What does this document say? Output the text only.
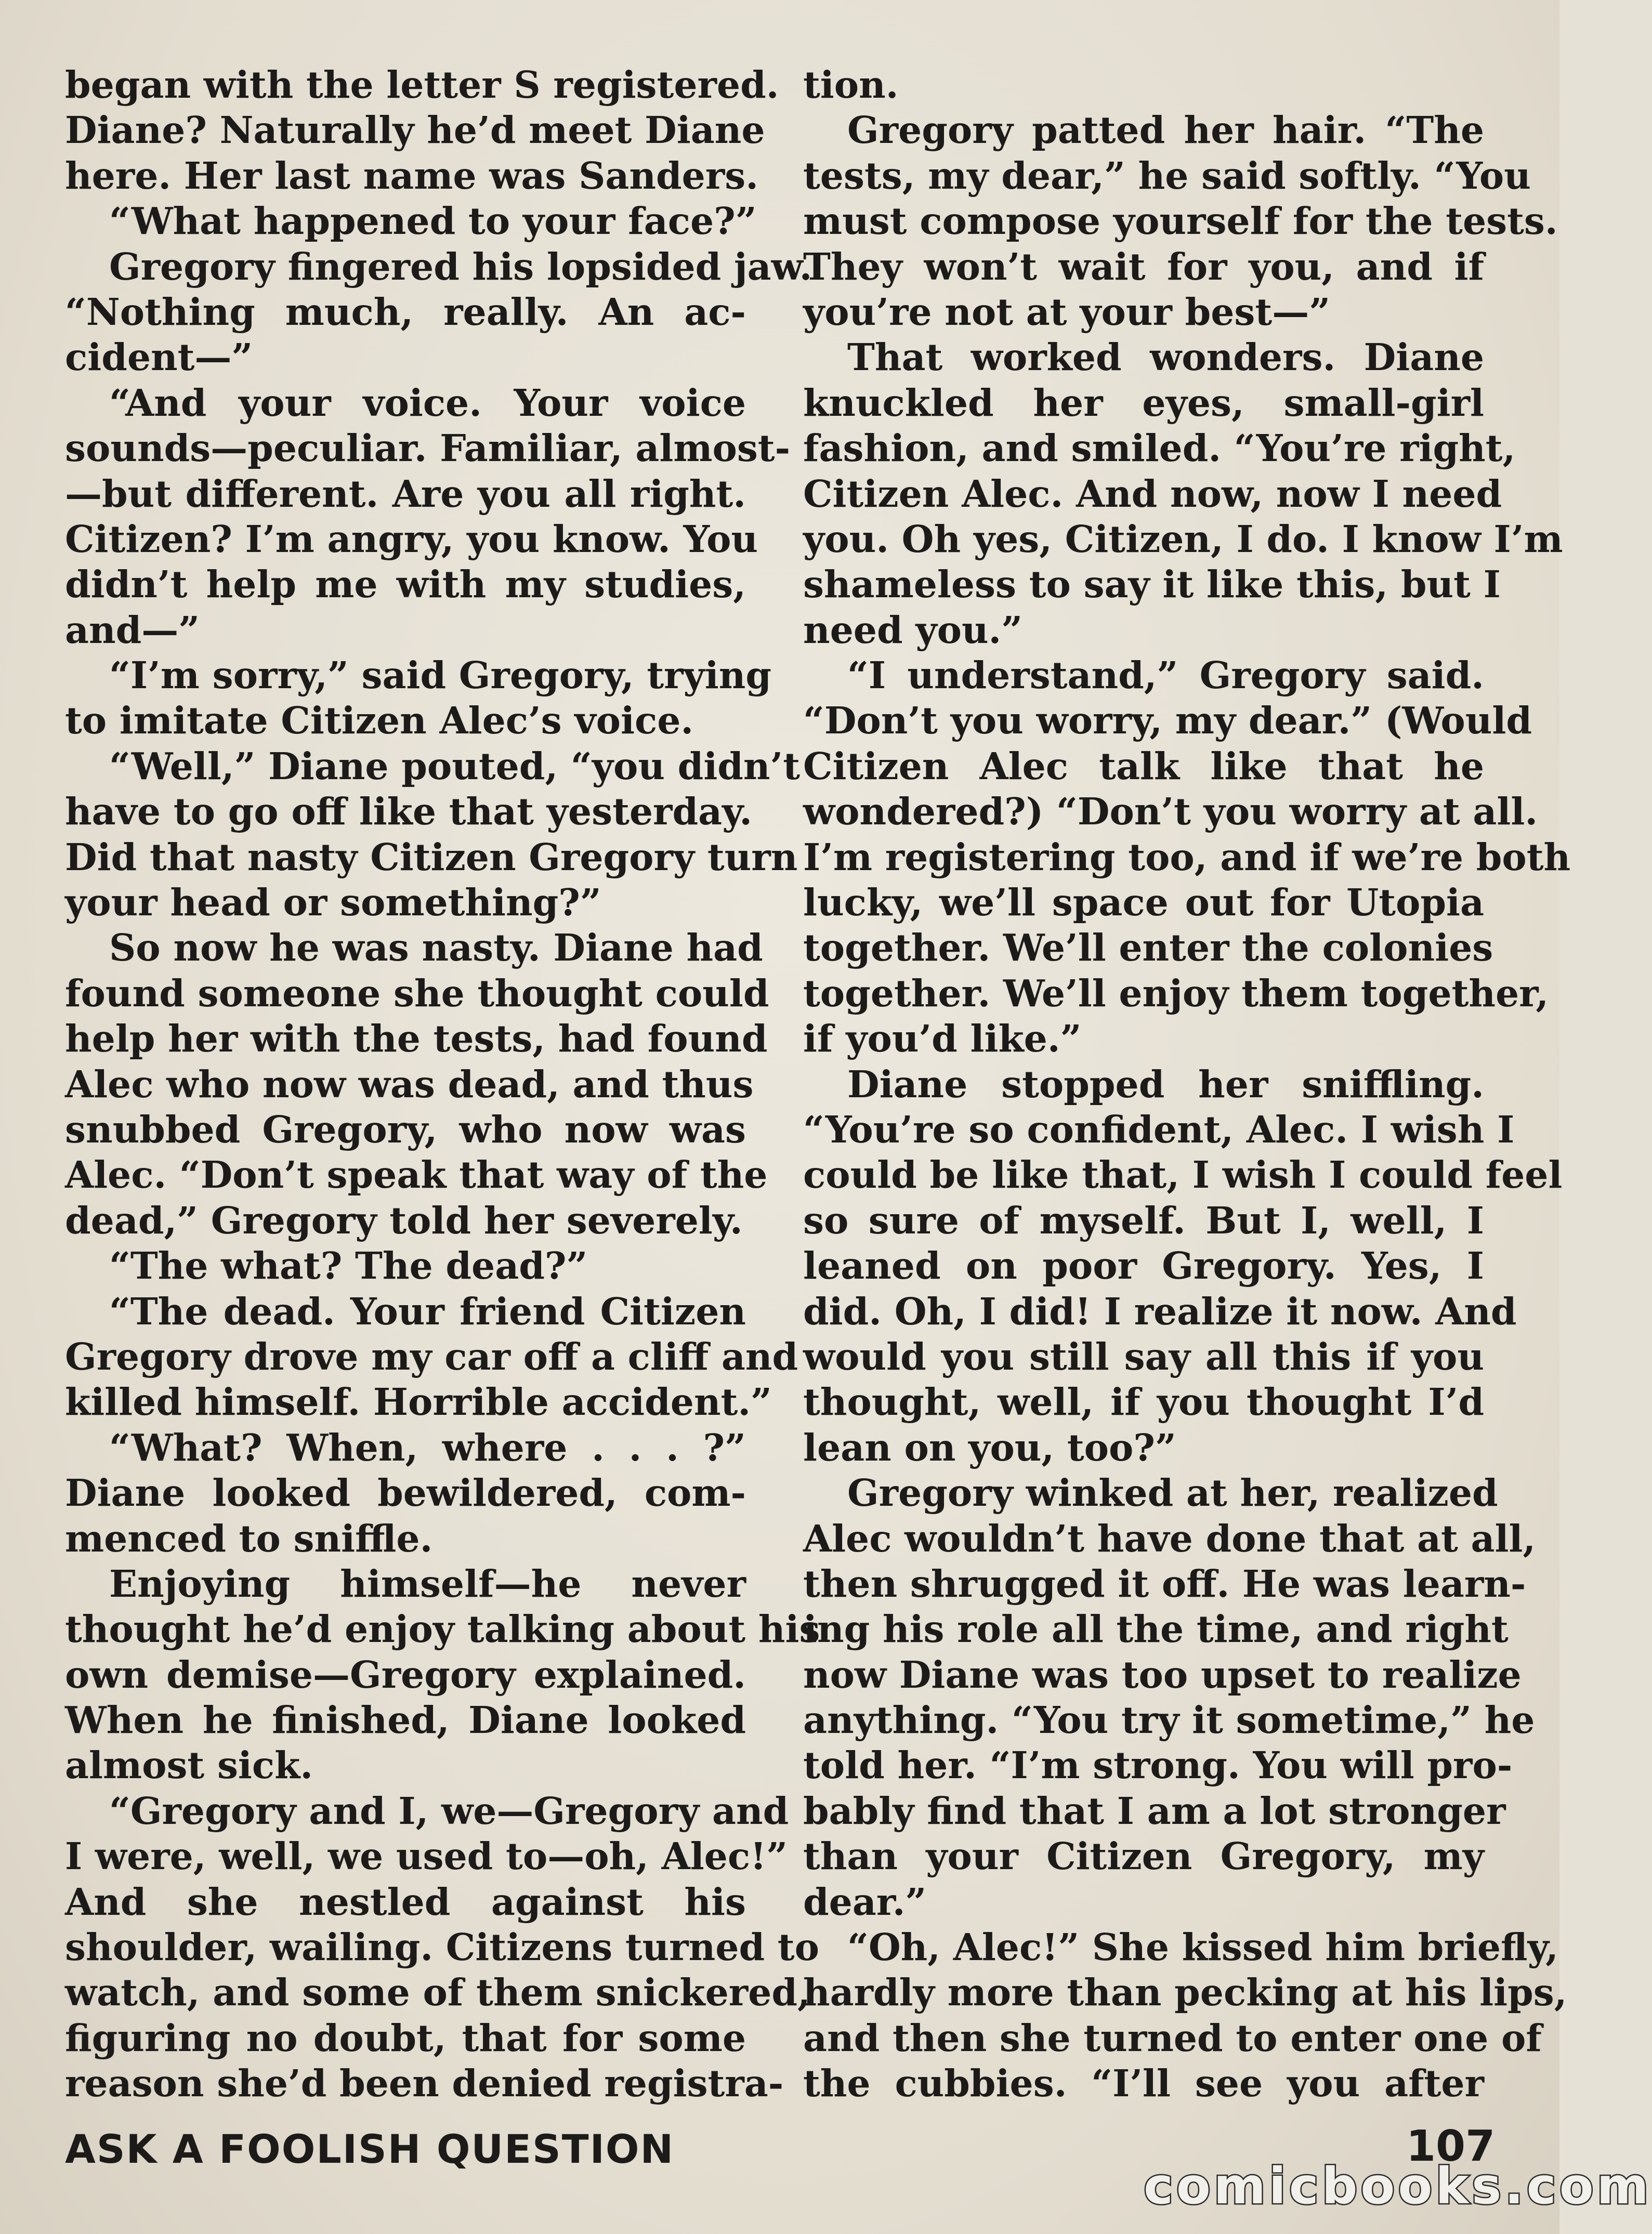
began with the letter S registered.
Diane? Naturally he’d meet Diane
here. Her last name was Sanders.
“What happened to your face?”
Gregory fingered his lopsided jaw.
“Nothing much, really. An ac-
cident—”
“And your voice. Your voice
sounds—peculiar. Familiar, almost-
—but different. Are you all right.
Citizen? I’m angry, you know. You
didn’t help me with my studies,
and—”
“I’m sorry,” said Gregory, trying
to imitate Citizen Alec’s voice.
“Well,” Diane pouted, “you didn’t
have to go off like that yesterday.
Did that nasty Citizen Gregory turn
your head or something?”
So now he was nasty. Diane had
found someone she thought could
help her with the tests, had found
Alec who now was dead, and thus
snubbed Gregory, who now was
Alec. “Don’t speak that way of the
dead,” Gregory told her severely.
“The what? The dead?”
“The dead. Your friend Citizen
Gregory drove my car off a cliff and
killed himself. Horrible accident.”
“What? When, where . . . ?”
Diane looked bewildered, com-
menced to sniffle.
Enjoying himself—he never
thought he’d enjoy talking about his
own demise—Gregory explained.
When he finished, Diane looked
almost sick.
“Gregory and I, we—Gregory and
I were, well, we used to—oh, Alec!”
And she nestled against his
shoulder, wailing. Citizens turned to
watch, and some of them snickered,
figuring no doubt, that for some
reason she’d been denied registra-
tion.
Gregory patted her hair. “The
tests, my dear,” he said softly. “You
must compose yourself for the tests.
They won’t wait for you, and if
you’re not at your best—”
That worked wonders. Diane
knuckled her eyes, small-girl
fashion, and smiled. “You’re right,
Citizen Alec. And now, now I need
you. Oh yes, Citizen, I do. I know I’m
shameless to say it like this, but I
need you.”
“I understand,” Gregory said.
“Don’t you worry, my dear.” (Would
Citizen Alec talk like that he
wondered?) “Don’t you worry at all.
I’m registering too, and if we’re both
lucky, we’ll space out for Utopia
together. We’ll enter the colonies
together. We’ll enjoy them together,
if you’d like.”
Diane stopped her sniffling.
“You’re so confident, Alec. I wish I
could be like that, I wish I could feel
so sure of myself. But I, well, I
leaned on poor Gregory. Yes, I
did. Oh, I did! I realize it now. And
would you still say all this if you
thought, well, if you thought I’d
lean on you, too?”
Gregory winked at her, realized
Alec wouldn’t have done that at all,
then shrugged it off. He was learn-
ing his role all the time, and right
now Diane was too upset to realize
anything. “You try it sometime,” he
told her. “I’m strong. You will pro-
bably find that I am a lot stronger
than your Citizen Gregory, my
dear.”
“Oh, Alec!” She kissed him briefly,
hardly more than pecking at his lips,
and then she turned to enter one of
the cubbies. “I’ll see you after
ASK A FOOLISH QUESTION	107
comicbooks.com
